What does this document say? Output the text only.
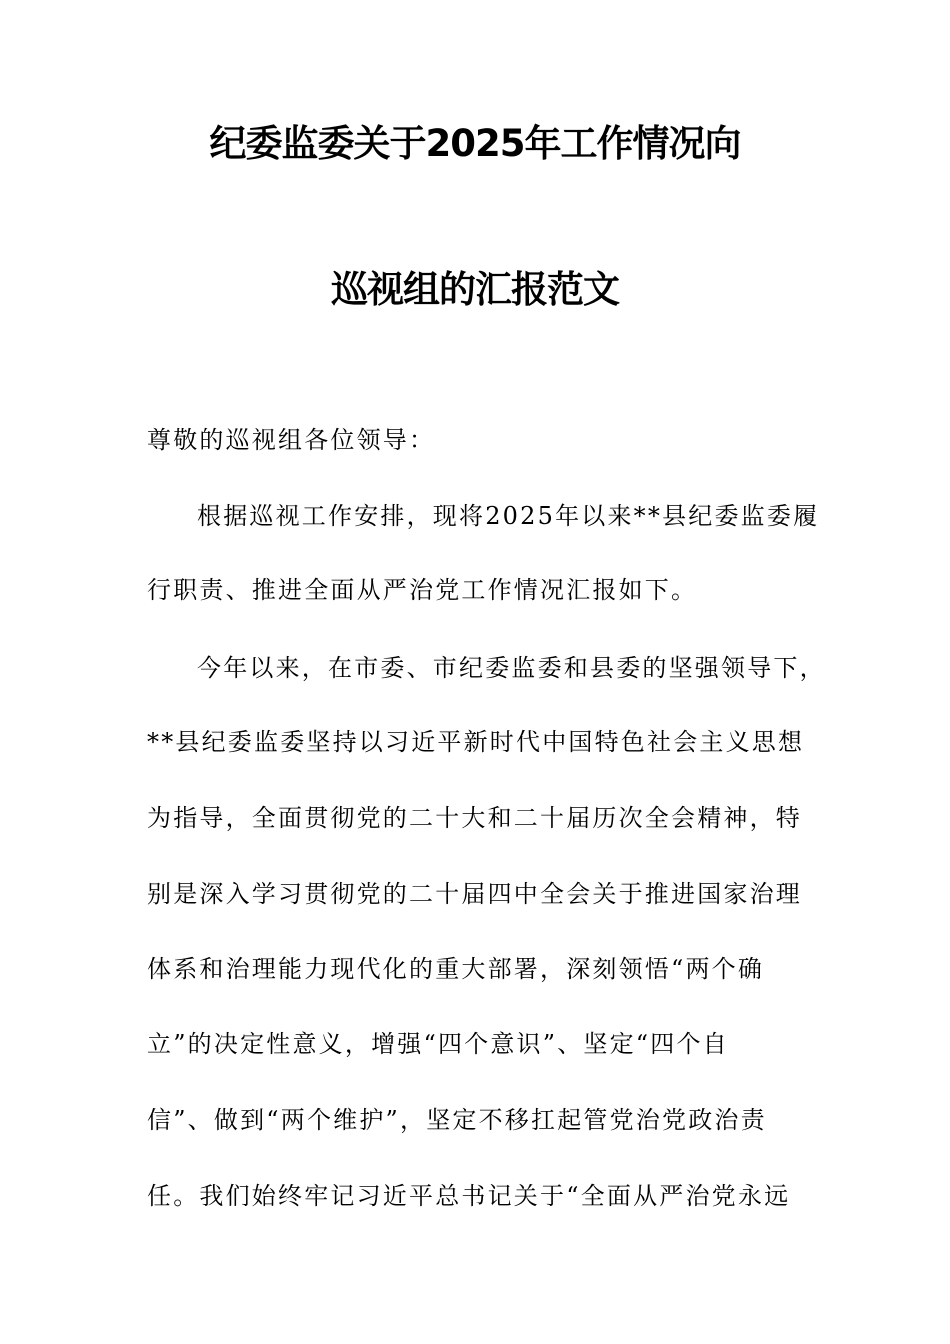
纪委监委关于2025年工作情况向
巡视组的汇报范文
尊敬的巡视组各位领导：
根据巡视工作安排，现将2025年以来**县纪委监委履
行职责、推进全面从严治党工作情况汇报如下。
今年以来，在市委、市纪委监委和县委的坚强领导下，
**县纪委监委坚持以习近平新时代中国特色社会主义思想
为指导，全面贯彻党的二十大和二十届历次全会精神，特
别是深入学习贯彻党的二十届四中全会关于推进国家治理
体系和治理能力现代化的重大部署，深刻领悟“两个确
立”的决定性意义，增强“四个意识”、坚定“四个自
信”、做到“两个维护”，坚定不移扛起管党治党政治责
任。我们始终牢记习近平总书记关于“全面从严治党永远
